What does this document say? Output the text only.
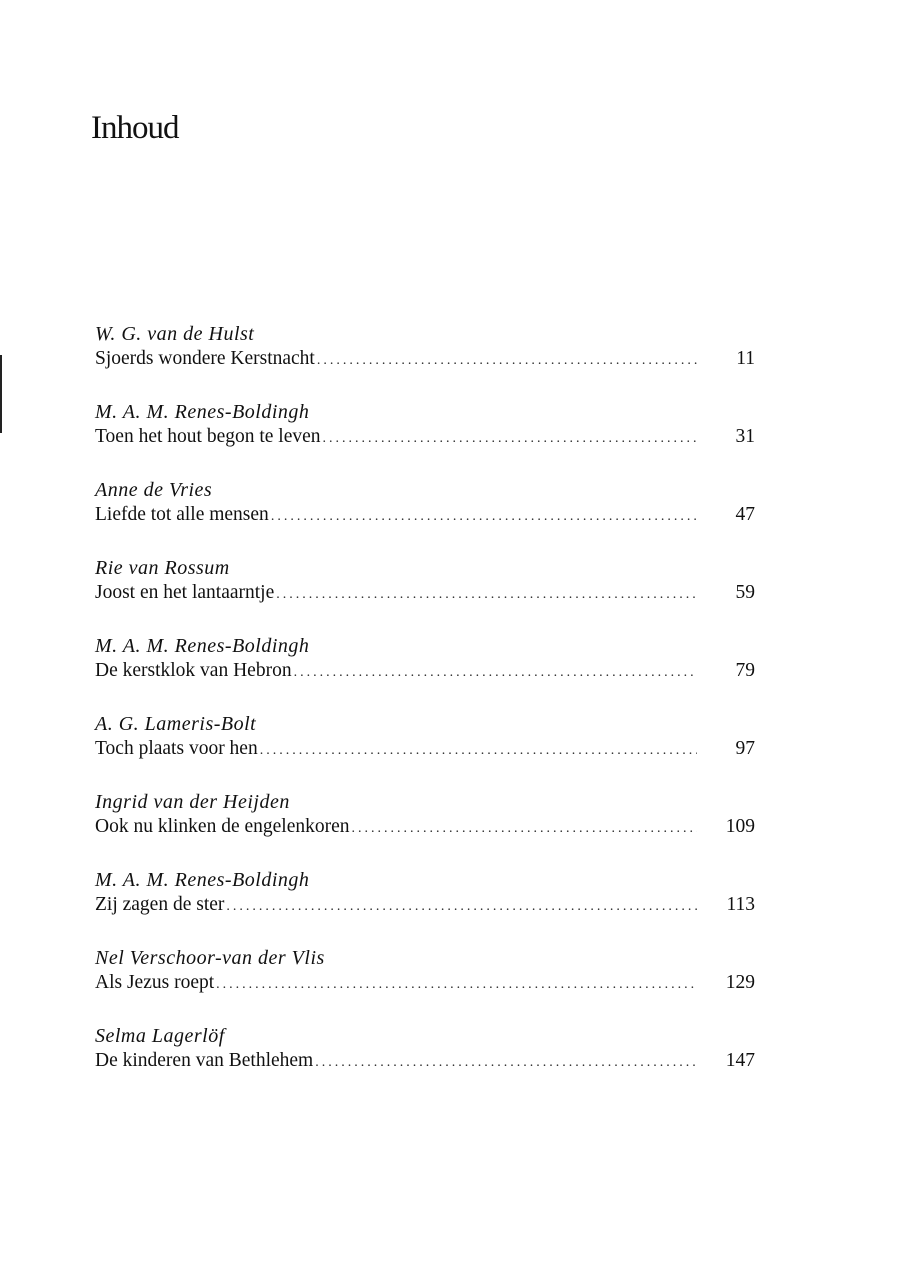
Inhoud
W. G. van de Hulst
Sjoerds wondere Kerstnacht .....	11
M. A. M. Renes-Boldingh
Toen het hout begon te leven .....	31
Anne de Vries
Liefde tot alle mensen .....	47
Rie van Rossum
Joost en het lantaarntje .....	59
M. A. M. Renes-Boldingh
De kerstklok van Hebron .....	79
A. G. Lameris-Bolt
Toch plaats voor hen .....	97
Ingrid van der Heijden
Ook nu klinken de engelenkoren .....	109
M. A. M. Renes-Boldingh
Zij zagen de ster .....	113
Nel Verschoor-van der Vlis
Als Jezus roept .....	129
Selma Lagerlöf
De kinderen van Bethlehem .....	147
